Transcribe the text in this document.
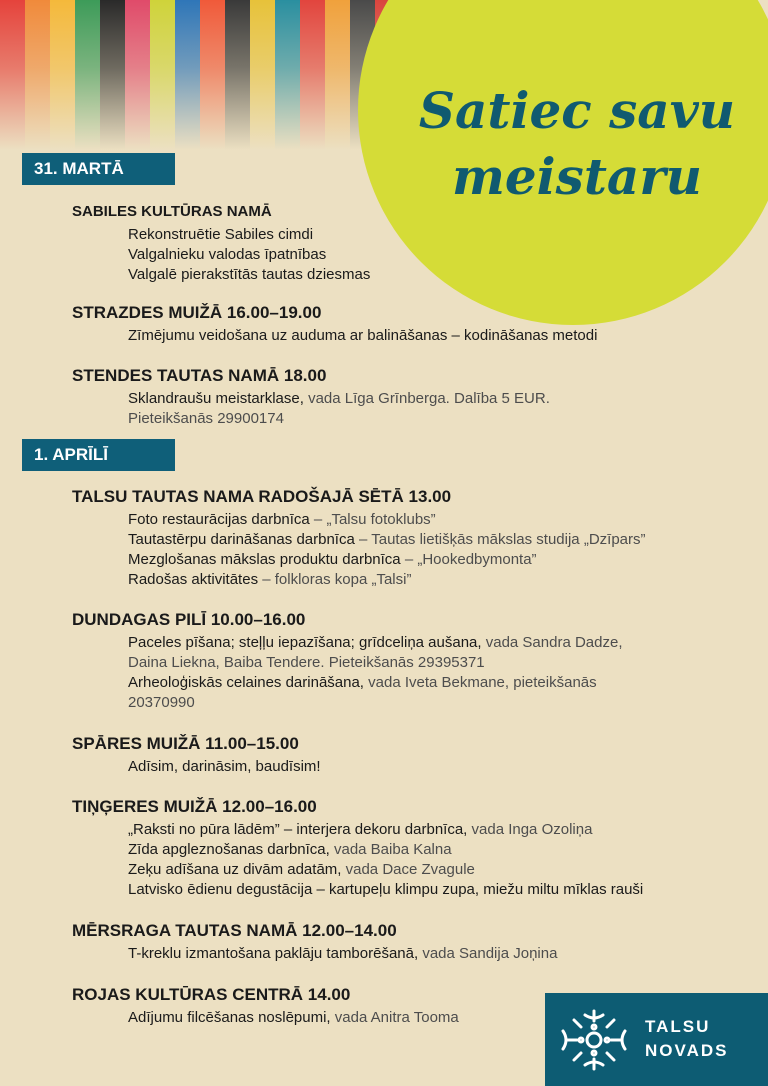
Satiec savu
meistaru
31. MARTĀ
SABILES KULTŪRAS NAMĀ
Rekonstruētie Sabiles cimdi
Valgalnieku valodas īpatnības
Valgalē pierakstītās tautas dziesmas
STRAZDES MUIŽĀ 16.00–19.00
Zīmējumu veidošana uz auduma ar balināšanas – kodināšanas metodi
STENDES TAUTAS NAMĀ 18.00
Sklandraušu meistarklase, vada Līga Grīnberga. Dalība 5 EUR.
Pieteikšanās 29900174
1. APRĪLĪ
TALSU TAUTAS NAMA RADOŠAJĀ SĒTĀ 13.00
Foto restaurācijas darbnīca – „Talsu fotoklubs”
Tautastērpu darināšanas darbnīca – Tautas lietišķās mākslas studija „Dzīpars”
Mezglošanas mākslas produktu darbnīca – „Hookedbymonta”
Radošas aktivitātes – folkloras kopa „Talsi”
DUNDAGAS PILĪ 10.00–16.00
Paceles pīšana; steļļu iepazīšana; grīdceliņa aušana, vada Sandra Dadze,
Daina Liekna, Baiba Tendere. Pieteikšanās 29395371
Arheoloģiskās celaines darināšana, vada Iveta Bekmane, pieteikšanās
20370990
SPĀRES MUIŽĀ 11.00–15.00
Adīsim, darināsim, baudīsim!
TIŅĢERES MUIŽĀ 12.00–16.00
„Raksti no pūra lādēm” – interjera dekoru darbnīca, vada Inga Ozoliņa
Zīda apgleznošanas darbnīca, vada Baiba Kalna
Zeķu adīšana uz divām adatām, vada Dace Zvagule
Latvisko ēdienu degustācija – kartupeļu klimpu zupa, miežu miltu mīklas rauši
MĒRSRAGA TAUTAS NAMĀ 12.00–14.00
T-kreklu izmantošana paklāju tamborēšanā, vada Sandija Joņina
ROJAS KULTŪRAS CENTRĀ 14.00
Adījumu filcēšanas noslēpumi, vada Anitra Tooma	TALSU
NOVADS
